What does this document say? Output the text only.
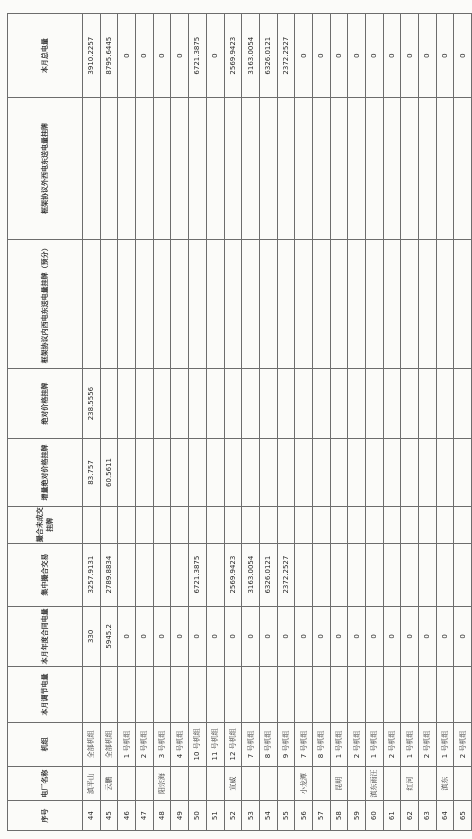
序号	电厂名称	机组	本月调节电量	本月年度合同电量	集中撮合交易	撮合未成交挂牌	增量绝对价格挂牌	绝对价格挂牌	框架协议内西电东送电量挂牌（预分）	框架协议外西电东送电量挂牌	本月总电量
44	滇平山	全部机组		330	3257.9131		83.757	238.5556			3910.2257
45	云鹏	全部机组		5945.2	2789.8834		60.5611				8795.6445
46		1 号机组		0							0
47		2 号机组		0							0
48	阳宗海	3 号机组		0							0
49		4 号机组		0							0
50		10 号机组		0	6721.3875						6721.3875
51		11 号机组		0							0
52	宣威	12 号机组		0	2569.9423						2569.9423
53		7 号机组		0	3163.0054						3163.0054
54		8 号机组		0	6326.0121						6326.0121
55		9 号机组		0	2372.2527						2372.2527
56	小龙潭	7 号机组		0							0
57		8 号机组		0							0
58	昆明	1 号机组		0							0
59		2 号机组		0							0
60	滇东雨汪	1 号机组		0							0
61		2 号机组		0							0
62	红河	1 号机组		0							0
63		2 号机组		0							0
64	滇东	1 号机组		0							0
65		2 号机组		0							0
